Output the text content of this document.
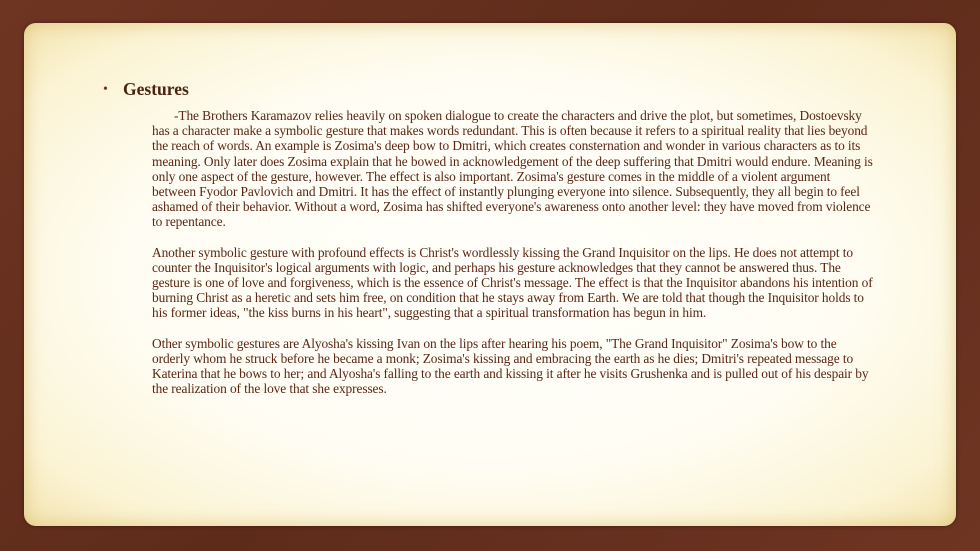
• Gestures

-The Brothers Karamazov relies heavily on spoken dialogue to create the characters and drive the plot, but sometimes, Dostoevsky has a character make a symbolic gesture that makes words redundant. This is often because it refers to a spiritual reality that lies beyond the reach of words. An example is Zosima's deep bow to Dmitri, which creates consternation and wonder in various characters as to its meaning. Only later does Zosima explain that he bowed in acknowledgement of the deep suffering that Dmitri would endure. Meaning is only one aspect of the gesture, however. The effect is also important. Zosima's gesture comes in the middle of a violent argument between Fyodor Pavlovich and Dmitri. It has the effect of instantly plunging everyone into silence. Subsequently, they all begin to feel ashamed of their behavior. Without a word, Zosima has shifted everyone's awareness onto another level: they have moved from violence to repentance.

Another symbolic gesture with profound effects is Christ's wordlessly kissing the Grand Inquisitor on the lips. He does not attempt to counter the Inquisitor's logical arguments with logic, and perhaps his gesture acknowledges that they cannot be answered thus. The gesture is one of love and forgiveness, which is the essence of Christ's message. The effect is that the Inquisitor abandons his intention of burning Christ as a heretic and sets him free, on condition that he stays away from Earth. We are told that though the Inquisitor holds to his former ideas, "the kiss burns in his heart", suggesting that a spiritual transformation has begun in him.

Other symbolic gestures are Alyosha's kissing Ivan on the lips after hearing his poem, "The Grand Inquisitor" Zosima's bow to the orderly whom he struck before he became a monk; Zosima's kissing and embracing the earth as he dies; Dmitri's repeated message to Katerina that he bows to her; and Alyosha's falling to the earth and kissing it after he visits Grushenka and is pulled out of his despair by the realization of the love that she expresses.
